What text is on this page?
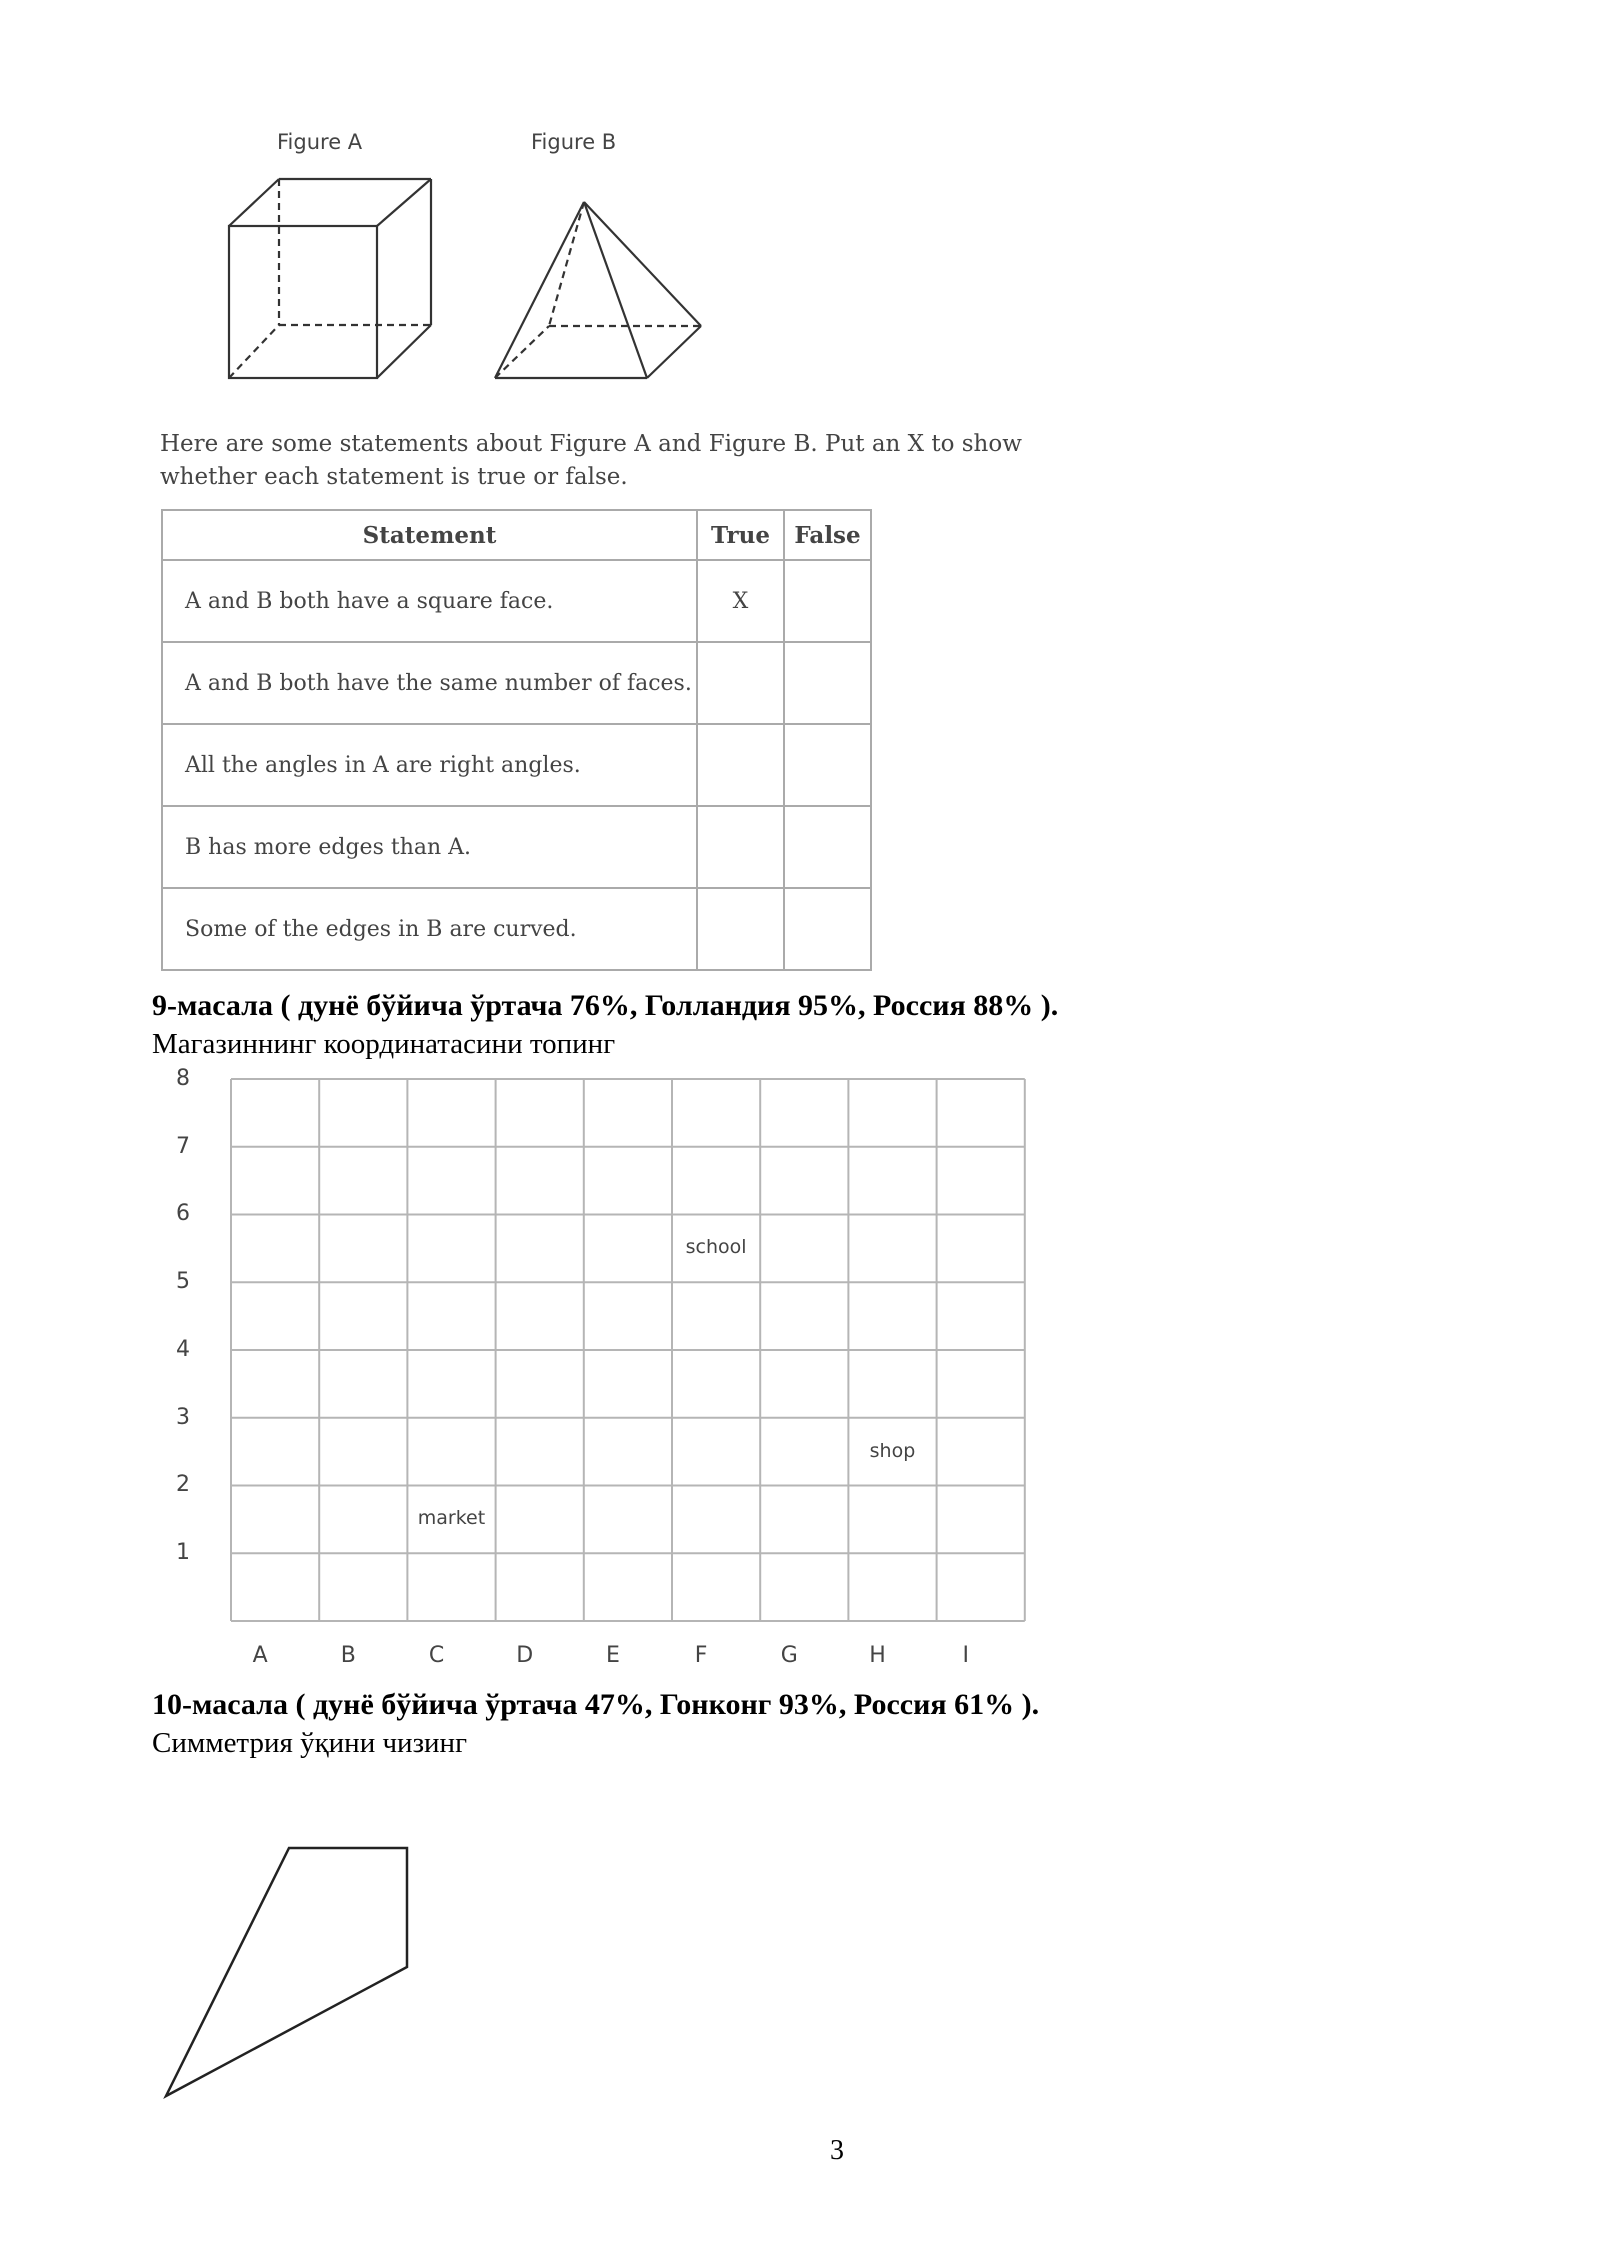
Figure A	Figure B
Here are some statements about Figure A and Figure B. Put an X to show whether each statement is true or false.
Statement	True	False
A and B both have a square face.	X	
A and B both have the same number of faces.		
All the angles in A are right angles.		
B has more edges than A.		
Some of the edges in B are curved.		
9-масала ( дунё бўйича ўртача 76%, Голландия 95%, Россия 88% ).
Магазиннинг координатасини топинг
A	B	C	D	E	F	G	H	I
8
7
6
5
4
3
2
1
school
shop
market
10-масала ( дунё бўйича ўртача 47%, Гонконг 93%, Россия 61% ).
Симметрия ўқини чизинг
3
